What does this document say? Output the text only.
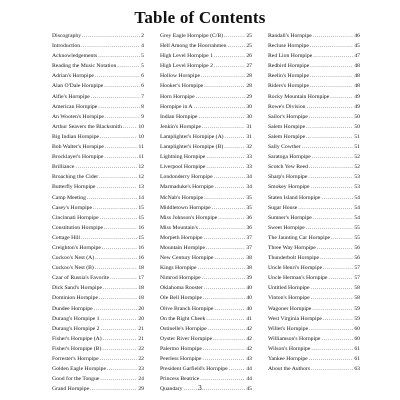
Table of Contents
Discography .....	2
Introduction .....	4
Acknowledgements .....	5
Reading the Music Notation .....	5
Adrian's Hornpipe .....	6
Alan O'Dale Hornpipe .....	6
Alfie's Hornpipe .....	7
American Hornpipe .....	8
An Wooten's Hornpipe .....	9
Arthur Seavers the Blacksmith .....	10
Big Indian Hornpipe .....	10
Bob Walter's Hornpipe .....	11
Brocklayer's Hornpipe .....	11
Brilliance .....	12
Broaching the Cider .....	12
Butterfly Hornpipe .....	13
Camp Meeting .....	14
Casey's Hornpipe .....	15
Cincinnati Hornpipe .....	15
Constitution Hornpipe .....	16
Cottage Hill .....	15
Creighton's Hornpipe .....	16
Cuckoo's Nest (A) .....	16
Cuckoo's Nest (B) .....	18
Czar of Russia's Favorite .....	17
Dick Sand's Hornpipe .....	18
Dominion Hornpipe .....	18
Dundee Hornpipe .....	20
Durang's Hornpipe 1 .....	20
Durang's Hornpipe 2 .....	21
Fisher's Hornpipe (A) .....	21
Fisher's Hornpipe (B) .....	22
Forrester's Hornpipe .....	22
Golden Eagle Hornpipe .....	23
Good for the Tongue .....	24
Grand Hornpipe .....	29
Grey Eagle Hornpipe (C/B) .....	25
Hell Among the Hoorrahmen .....	25
High Level Hornpipe 1 .....	26
High Level Hornpipe 2 .....	27
Hollow Hornpipe .....	28
Hooker's Hornpipe .....	28
Horn Hornpipe .....	29
Hornpipe in A .....	30
Indian Hornpipe .....	30
Jenkin's Hornpipe .....	31
Lamplighter's Hornpipe (A) .....	31
Lamplighter's Hornpipe (B) .....	32
Lightning Hornpipe .....	33
Liverpool Hornpipe .....	33
Londonderry Hornpipe .....	34
Marmaduke's Hornpipe .....	34
McNab's Hornpipe .....	35
Middletown Hornpipe .....	35
Miss Johnson's Hornpipe .....	36
Miss Mountain's .....	36
Morpeth Hornpipe .....	37
Mountain Hornpipe .....	37
New Century Hornpipe .....	38
Kings Hornpipe .....	38
Nimrod Hornpipe .....	39
Oklahoma Rooster .....	40
Ole Bell Hornpipe .....	40
Olive Branch Hornpipe .....	40
On the Right Cheek .....	41
Ostinelle's Hornpipe .....	42
Oyster River Hornpipe .....	42
Palermo Hornpipe .....	42
Peerless Hornpipe .....	43
President Garfield's Hornpipe .....	44
Princess Beatrice .....	44
Quandary .....	45
Randall's Hornpipe .....	46
Recluse Hornpipe .....	45
Red Lion Hornpipe .....	47
Redbird Hornpipe .....	48
Reelin's Hornpipe .....	48
Riders's Hornpipe .....	48
Rocky Mountain Hornpipe .....	49
Rowe's Division .....	49
Sailor's Hornpipe .....	50
Salem Hornpipe .....	50
Salem Hornpipe .....	51
Sally Cowther .....	51
Saratoga Hornpipe .....	52
Scotch Yew Reed .....	52
Sharp's Hornpipe .....	53
Smokey Hornpipe .....	53
Staten Island Hornpipe .....	54
Sugar House .....	54
Sumner's Hornpipe .....	54
Sweet Hornpipe .....	55
The Jaunting Car Hornpipe .....	55
Three Way Hornpipe .....	56
Thunderbolt Hornpipe .....	56
Uncle Henri's Hornpipe .....	57
Uncle Herman's Hornpipe .....	57
Untitled Hornpipe .....	58
Vinton's Hornpipe .....	58
Wagoner Hornpipe .....	59
West Virginia Hornpipe .....	59
Willet's Hornpipe .....	60
Williamson's Hornpipe .....	60
Wilson's Hornpipe .....	61
Yankee Hornpipe .....	61
About the Authors .....	63
3
